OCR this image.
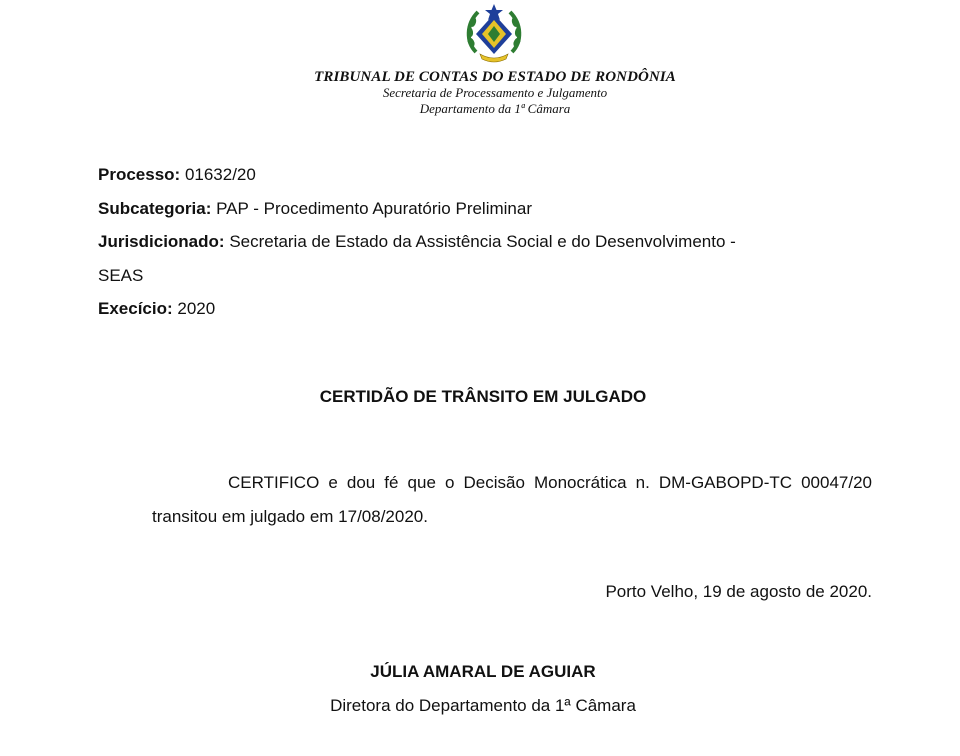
TRIBUNAL DE CONTAS DO ESTADO DE RONDÔNIA
Secretaria de Processamento e Julgamento
Departamento da 1ª Câmara
Processo: 01632/20
Subcategoria: PAP - Procedimento Apuratório Preliminar
Jurisdicionado: Secretaria de Estado da Assistência Social e do Desenvolvimento -
SEAS
Execício: 2020
CERTIDÃO DE TRÂNSITO EM JULGADO
CERTIFICO e dou fé que o Decisão Monocrática n. DM-GABOPD-TC 00047/20 transitou em julgado em 17/08/2020.
Porto Velho, 19 de agosto de 2020.
JÚLIA AMARAL DE AGUIAR
Diretora do Departamento da 1ª Câmara
